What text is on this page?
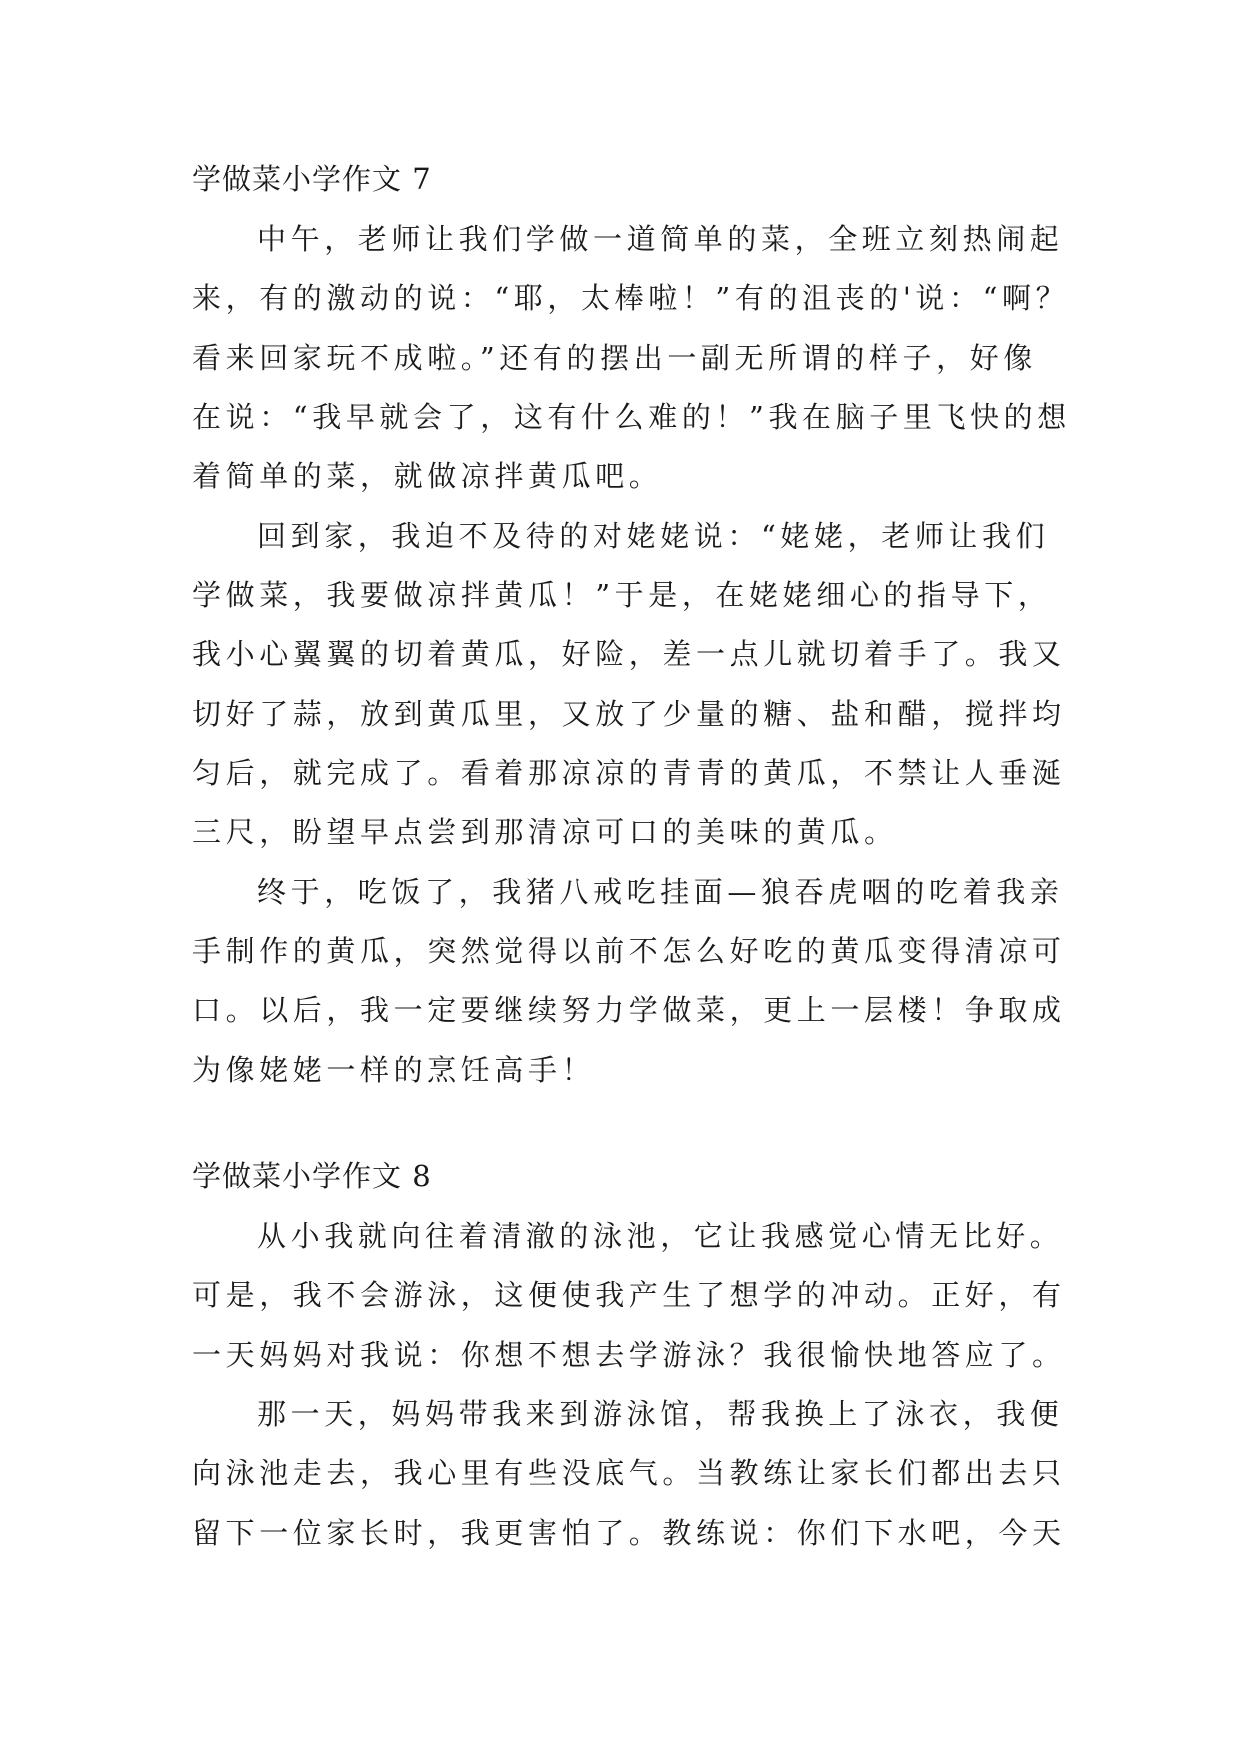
学做菜小学作文 7
中午，老师让我们学做一道简单的菜，全班立刻热闹起
来，有的激动的说：“耶，太棒啦！”有的沮丧的'说：“啊？
看来回家玩不成啦。”还有的摆出一副无所谓的样子，好像
在说：“我早就会了，这有什么难的！”我在脑子里飞快的想
着简单的菜，就做凉拌黄瓜吧。
回到家，我迫不及待的对姥姥说：“姥姥，老师让我们
学做菜，我要做凉拌黄瓜！”于是，在姥姥细心的指导下，
我小心翼翼的切着黄瓜，好险，差一点儿就切着手了。我又
切好了蒜，放到黄瓜里，又放了少量的糖、盐和醋，搅拌均
匀后，就完成了。看着那凉凉的青青的黄瓜，不禁让人垂涎
三尺，盼望早点尝到那清凉可口的美味的黄瓜。
终于，吃饭了，我猪八戒吃挂面—狼吞虎咽的吃着我亲
手制作的黄瓜，突然觉得以前不怎么好吃的黄瓜变得清凉可
口。以后，我一定要继续努力学做菜，更上一层楼！争取成
为像姥姥一样的烹饪高手！
学做菜小学作文 8
从小我就向往着清澈的泳池，它让我感觉心情无比好。
可是，我不会游泳，这便使我产生了想学的冲动。正好，有
一天妈妈对我说：你想不想去学游泳？我很愉快地答应了。
那一天，妈妈带我来到游泳馆，帮我换上了泳衣，我便
向泳池走去，我心里有些没底气。当教练让家长们都出去只
留下一位家长时，我更害怕了。教练说：你们下水吧，今天
